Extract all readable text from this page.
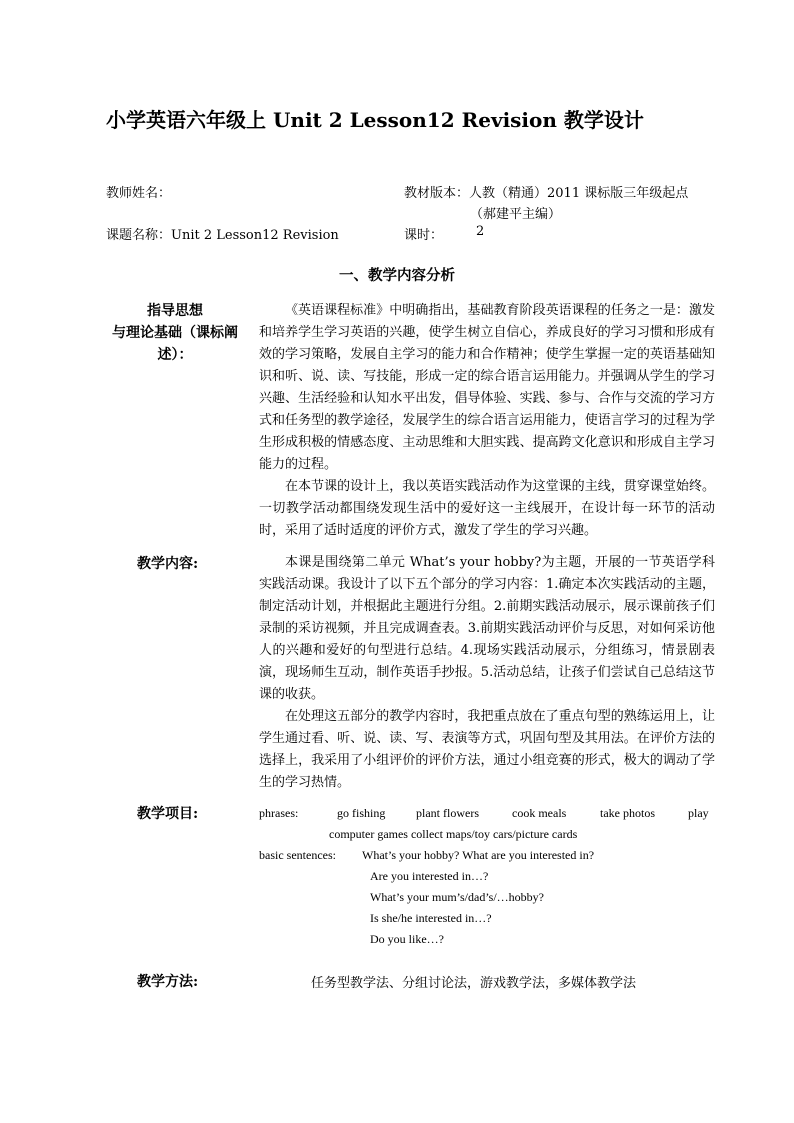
小学英语六年级上 Unit 2 Lesson12 Revision 教学设计
教师姓名：	教材版本：人教（精通）2011 课标版三年级起点
（郝建平主编）
课题名称：Unit 2 Lesson12 Revision	课时：	2
一、教学内容分析
指导思想
与理论基础（课标阐
述）：

《英语课程标准》中明确指出，基础教育阶段英语课程的任务之一是：激发和培养学生学习英语的兴趣，使学生树立自信心，养成良好的学习习惯和形成有效的学习策略，发展自主学习的能力和合作精神；使学生掌握一定的英语基础知识和听、说、读、写技能，形成一定的综合语言运用能力。并强调从学生的学习兴趣、生活经验和认知水平出发，倡导体验、实践、参与、合作与交流的学习方式和任务型的教学途径，发展学生的综合语言运用能力，使语言学习的过程为学生形成积极的情感态度、主动思维和大胆实践、提高跨文化意识和形成自主学习能力的过程。

在本节课的设计上，我以英语实践活动作为这堂课的主线，贯穿课堂始终。一切教学活动都围绕发现生活中的爱好这一主线展开，在设计每一环节的活动时，采用了适时适度的评价方式，激发了学生的学习兴趣。

教学内容:	本课是围绕第二单元 What’s your hobby?为主题，开展的一节英语学科实践活动课。我设计了以下五个部分的学习内容：1.确定本次实践活动的主题，制定活动计划，并根据此主题进行分组。2.前期实践活动展示，展示课前孩子们录制的采访视频，并且完成调查表。3.前期实践活动评价与反思，对如何采访他人的兴趣和爱好的句型进行总结。4.现场实践活动展示，分组练习，情景剧表演，现场师生互动，制作英语手抄报。5.活动总结，让孩子们尝试自己总结这节课的收获。

在处理这五部分的教学内容时，我把重点放在了重点句型的熟练运用上，让学生通过看、听、说、读、写、表演等方式，巩固句型及其用法。在评价方法的选择上，我采用了小组评价的评价方法，通过小组竞赛的形式，极大的调动了学生的学习热情。

教学项目:	phrases:	go fishing	plant flowers	cook meals	take photos	play
computer games collect maps/toy cars/picture cards
basic sentences: What’s your hobby? What are you interested in?
Are you interested in…?
What’s your mum’s/dad’s/…hobby?
Is she/he interested in…?
Do you like…?
教学方法:	任务型教学法、分组讨论法，游戏教学法，多媒体教学法
